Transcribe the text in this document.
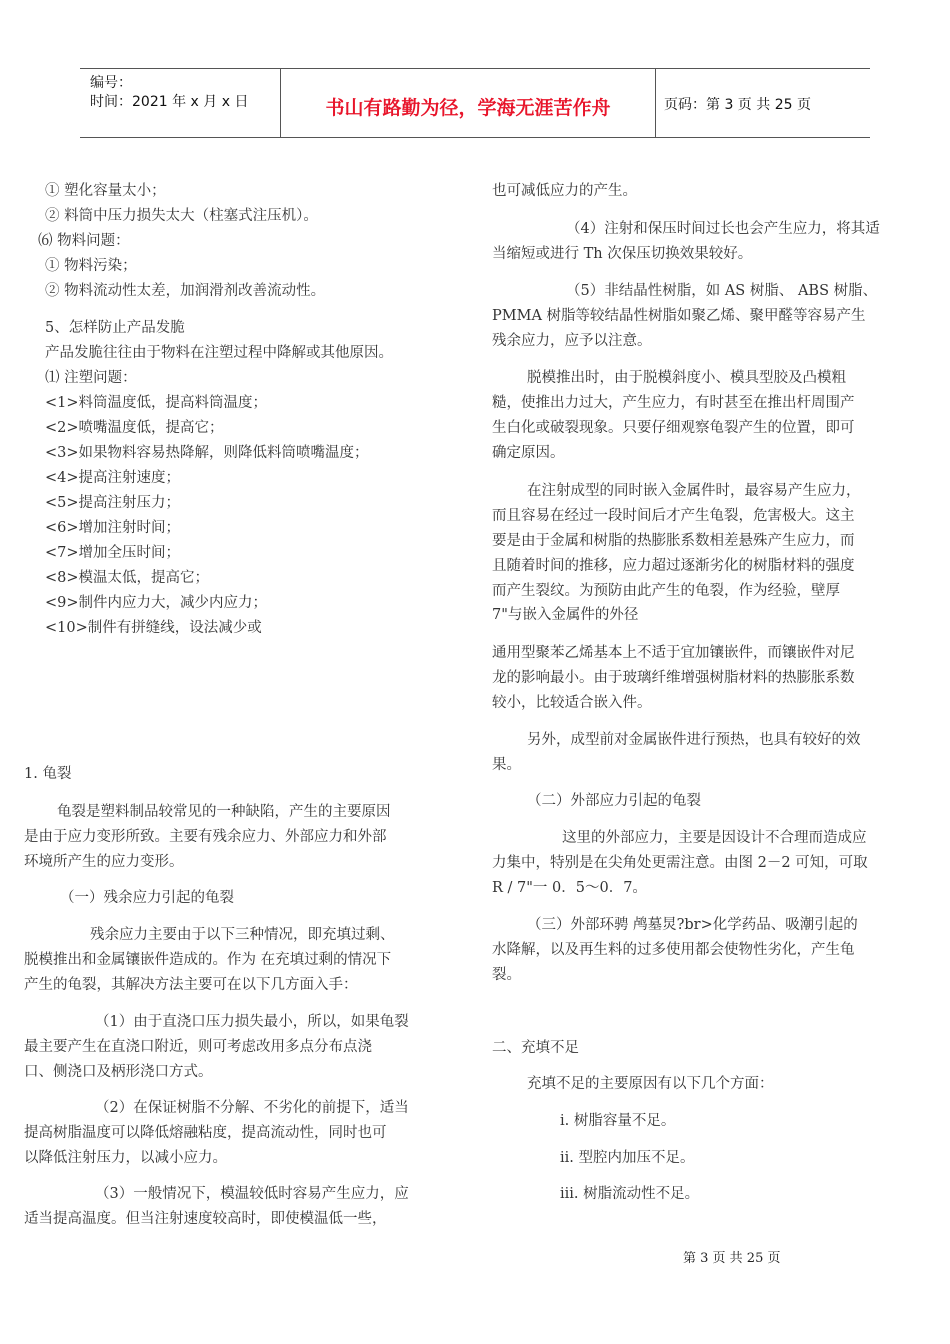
编号：
时间：2021 年 x 月 x 日	书山有路勤为径，学海无涯苦作舟	页码：第 3 页 共 25 页
① 塑化容量太小；
② 料筒中压力损失太大（柱塞式注压机）。
⑹ 物料问题：
① 物料污染；
② 物料流动性太差，加润滑剂改善流动性。
5、怎样防止产品发脆
产品发脆往往由于物料在注塑过程中降解或其他原因。
⑴ 注塑问题：
<1>料筒温度低，提高料筒温度；
<2>喷嘴温度低，提高它；
<3>如果物料容易热降解，则降低料筒喷嘴温度；
<4>提高注射速度；
<5>提高注射压力；
<6>增加注射时间；
<7>增加全压时间；
<8>模温太低，提高它；
<9>制件内应力大，减少内应力；
<10>制件有拼缝线，设法减少或
1. 龟裂
龟裂是塑料制品较常见的一种缺陷，产生的主要原因
是由于应力变形所致。主要有残余应力、外部应力和外部
环境所产生的应力变形。
（一）残余应力引起的龟裂
残余应力主要由于以下三种情况，即充填过剩、
脱模推出和金属镶嵌件造成的。作为 在充填过剩的情况下
产生的龟裂，其解决方法主要可在以下几方面入手：
（1）由于直浇口压力损失最小，所以，如果龟裂
最主要产生在直浇口附近，则可考虑改用多点分布点浇
口、侧浇口及柄形浇口方式。
（2）在保证树脂不分解、不劣化的前提下，适当
提高树脂温度可以降低熔融粘度，提高流动性，同时也可
以降低注射压力，以减小应力。
（3）一般情况下，模温较低时容易产生应力，应
适当提高温度。但当注射速度较高时，即使模温低一些，
也可减低应力的产生。
（4）注射和保压时间过长也会产生应力，将其适
当缩短或进行 Th 次保压切换效果较好。
（5）非结晶性树脂，如 AS 树脂、 ABS 树脂、
PMMA 树脂等较结晶性树脂如聚乙烯、聚甲醛等容易产生
残余应力，应予以注意。
脱模推出时，由于脱模斜度小、模具型胶及凸模粗
糙，使推出力过大，产生应力，有时甚至在推出杆周围产
生白化或破裂现象。只要仔细观察龟裂产生的位置，即可
确定原因。
在注射成型的同时嵌入金属件时，最容易产生应力，
而且容易在经过一段时间后才产生龟裂，危害极大。这主
要是由于金属和树脂的热膨胀系数相差悬殊产生应力，而
且随着时间的推移，应力超过逐渐劣化的树脂材料的强度
而产生裂纹。为预防由此产生的龟裂，作为经验，壁厚
7"与嵌入金属件的外径
通用型聚苯乙烯基本上不适于宜加镶嵌件，而镶嵌件对尼
龙的影响最小。由于玻璃纤维增强树脂材料的热膨胀系数
较小，比较适合嵌入件。
另外，成型前对金属嵌件进行预热，也具有较好的效
果。
（二）外部应力引起的龟裂
这里的外部应力，主要是因设计不合理而造成应
力集中，特别是在尖角处更需注意。由图 2－2 可知，可取
R / 7"一 0．5～0．7。
（三）外部环骋 鸬墓炅?br>化学药品、吸潮引起的
水降解，以及再生料的过多使用都会使物性劣化，产生龟
裂。
二、充填不足
充填不足的主要原因有以下几个方面：
i. 树脂容量不足。
ii. 型腔内加压不足。
iii. 树脂流动性不足。
第 3 页 共 25 页
